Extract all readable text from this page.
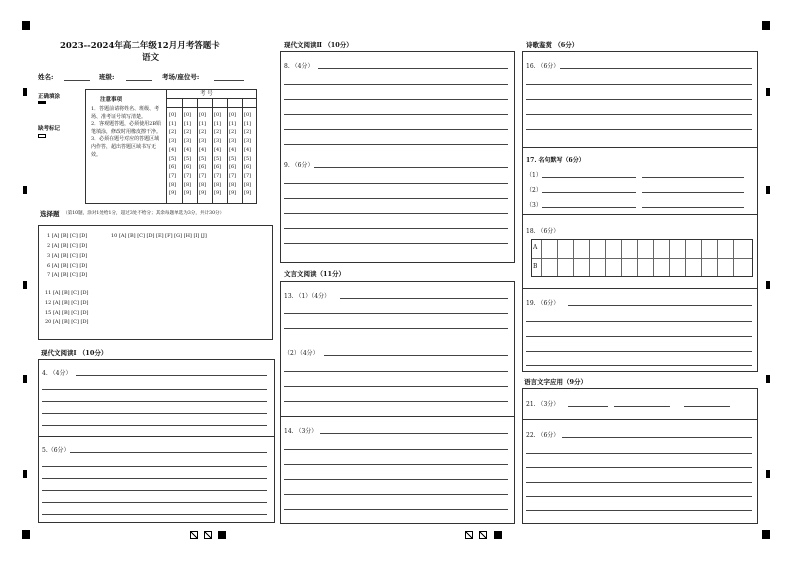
2023--2024年高二年级12月月考答题卡
语文
姓名:	班级:	考场/座位号:
正确填涂
缺考标记
注意事项
1．答题前请将姓名、班级、考场、准考证号填写清楚。
2．客观题答题，必须使用2B铅笔填涂，修改时用橡皮擦干净。
3．必须在题号对应的答题区域内作答，超出答题区域书写无效。
考 号
[0]
[1]
[2]
[3]
[4]
[5]
[6]
[7]
[8]
[9]
[0]
[1]
[2]
[3]
[4]
[5]
[6]
[7]
[8]
[9]
[0]
[1]
[2]
[3]
[4]
[5]
[6]
[7]
[8]
[9]
[0]
[1]
[2]
[3]
[4]
[5]
[6]
[7]
[8]
[9]
[0]
[1]
[2]
[3]
[4]
[5]
[6]
[7]
[8]
[9]
[0]
[1]
[2]
[3]
[4]
[5]
[6]
[7]
[8]
[9]
选择题 （第10题，涂对1处给1分，超过3处不给分；其余每题单选为3分，共计30分）
1 [A] [B] [C] [D]
2 [A] [B] [C] [D]
3 [A] [B] [C] [D]
6 [A] [B] [C] [D]
7 [A] [B] [C] [D]
10 [A] [B] [C] [D] [E] [F] [G] [H] [I] [J]
11 [A] [B] [C] [D]
12 [A] [B] [C] [D]
15 [A] [B] [C] [D]
20 [A] [B] [C] [D]
现代文阅读Ⅰ （10分）
4. （4分）
5.（6分）
现代文阅读Ⅱ （10分）
8. （4分）
9. （6分）
文言文阅读（11分）
13. （1）（4分）
（2）（4分）
14. （3分）
诗歌鉴赏 （6分）
16. （6分）
17. 名句默写（6分）
（1）
（2）
（3）
18. （6分）
A
B
19. （6分）
语言文字应用（9分）
21. （3分）
22. （6分）
